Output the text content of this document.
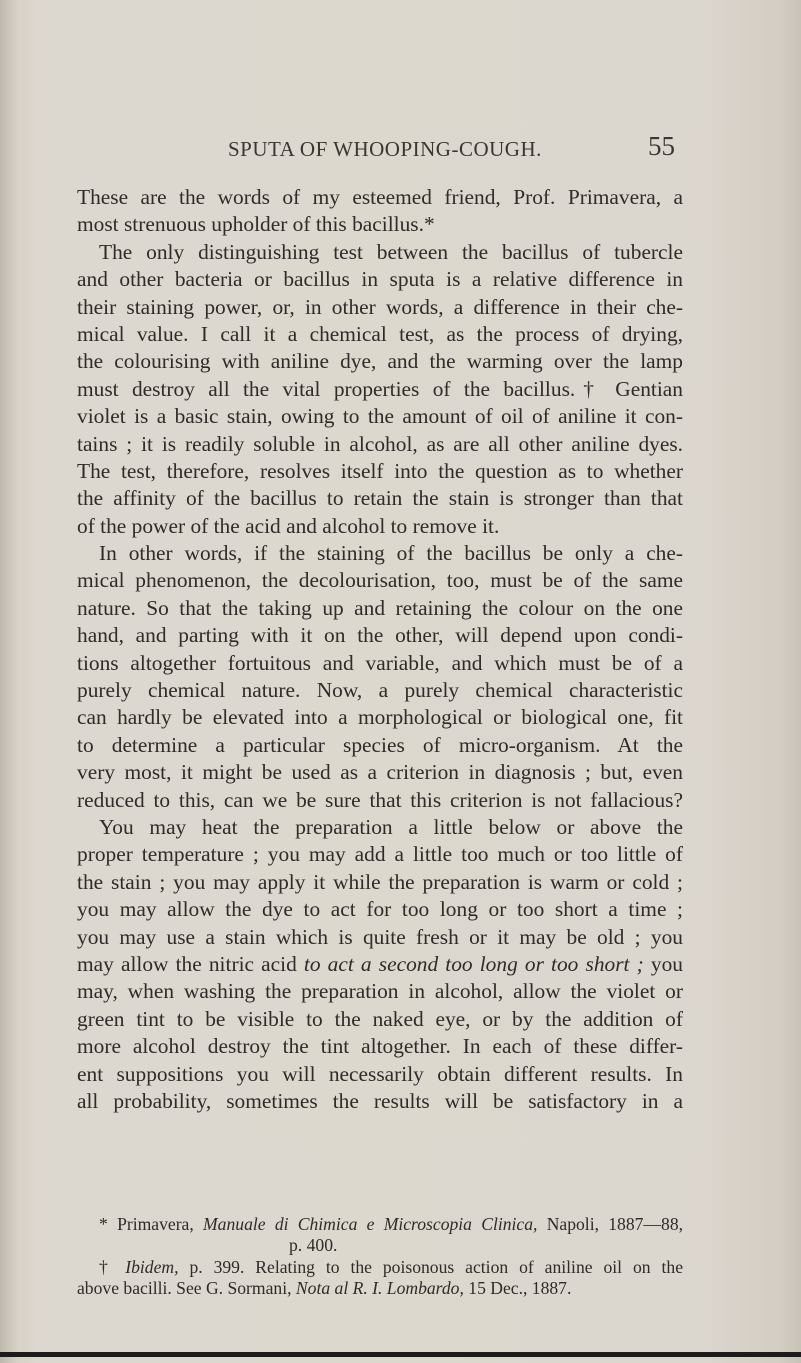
SPUTA OF WHOOPING-COUGH.	55
These are the words of my esteemed friend, Prof. Primavera, a
most strenuous upholder of this bacillus.*
The only distinguishing test between the bacillus of tubercle
and other bacteria or bacillus in sputa is a relative difference in
their staining power, or, in other words, a difference in their che-
mical value. I call it a chemical test, as the process of drying,
the colourising with aniline dye, and the warming over the lamp
must destroy all the vital properties of the bacillus.† Gentian
violet is a basic stain, owing to the amount of oil of aniline it con-
tains ; it is readily soluble in alcohol, as are all other aniline dyes.
The test, therefore, resolves itself into the question as to whether
the affinity of the bacillus to retain the stain is stronger than that
of the power of the acid and alcohol to remove it.
In other words, if the staining of the bacillus be only a che-
mical phenomenon, the decolourisation, too, must be of the same
nature. So that the taking up and retaining the colour on the one
hand, and parting with it on the other, will depend upon condi-
tions altogether fortuitous and variable, and which must be of a
purely chemical nature. Now, a purely chemical characteristic
can hardly be elevated into a morphological or biological one, fit
to determine a particular species of micro-organism. At the
very most, it might be used as a criterion in diagnosis ; but, even
reduced to this, can we be sure that this criterion is not fallacious?
You may heat the preparation a little below or above the
proper temperature ; you may add a little too much or too little of
the stain ; you may apply it while the preparation is warm or cold ;
you may allow the dye to act for too long or too short a time ;
you may use a stain which is quite fresh or it may be old ; you
may allow the nitric acid to act a second too long or too short ; you
may, when washing the preparation in alcohol, allow the violet or
green tint to be visible to the naked eye, or by the addition of
more alcohol destroy the tint altogether. In each of these differ-
ent suppositions you will necessarily obtain different results. In
all probability, sometimes the results will be satisfactory in a
* Primavera, Manuale di Chimica e Microscopia Clinica, Napoli, 1887—88,
p. 400.
† Ibidem, p. 399. Relating to the poisonous action of aniline oil on the
above bacilli. See G. Sormani, Nota al R. I. Lombardo, 15 Dec., 1887.
